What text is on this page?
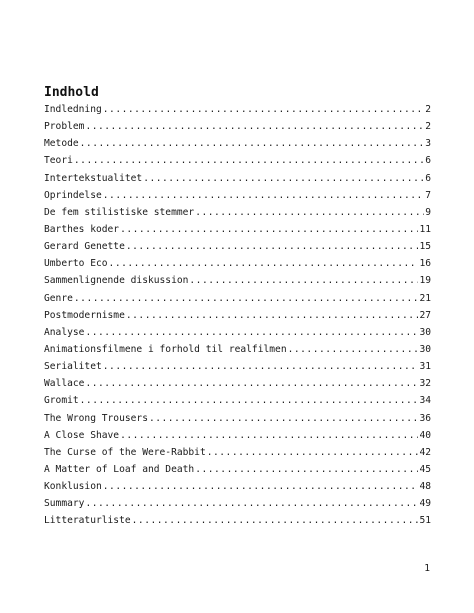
Indhold
Indledning .....	2
Problem .....	2
Metode .....	3
Teori .....	6
Intertekstualitet .....	6
Oprindelse .....	7
De fem stilistiske stemmer .....	9
Barthes koder .....	11
Gerard Genette .....	15
Umberto Eco .....	16
Sammenlignende diskussion .....	19
Genre .....	21
Postmodernisme .....	27
Analyse .....	30
Animationsfilmene i forhold til realfilmen .....	30
Serialitet .....	31
Wallace .....	32
Gromit .....	34
The Wrong Trousers .....	36
A Close Shave .....	40
The Curse of the Were-Rabbit .....	42
A Matter of Loaf and Death .....	45
Konklusion .....	48
Summary .....	49
Litteraturliste .....	51
1
